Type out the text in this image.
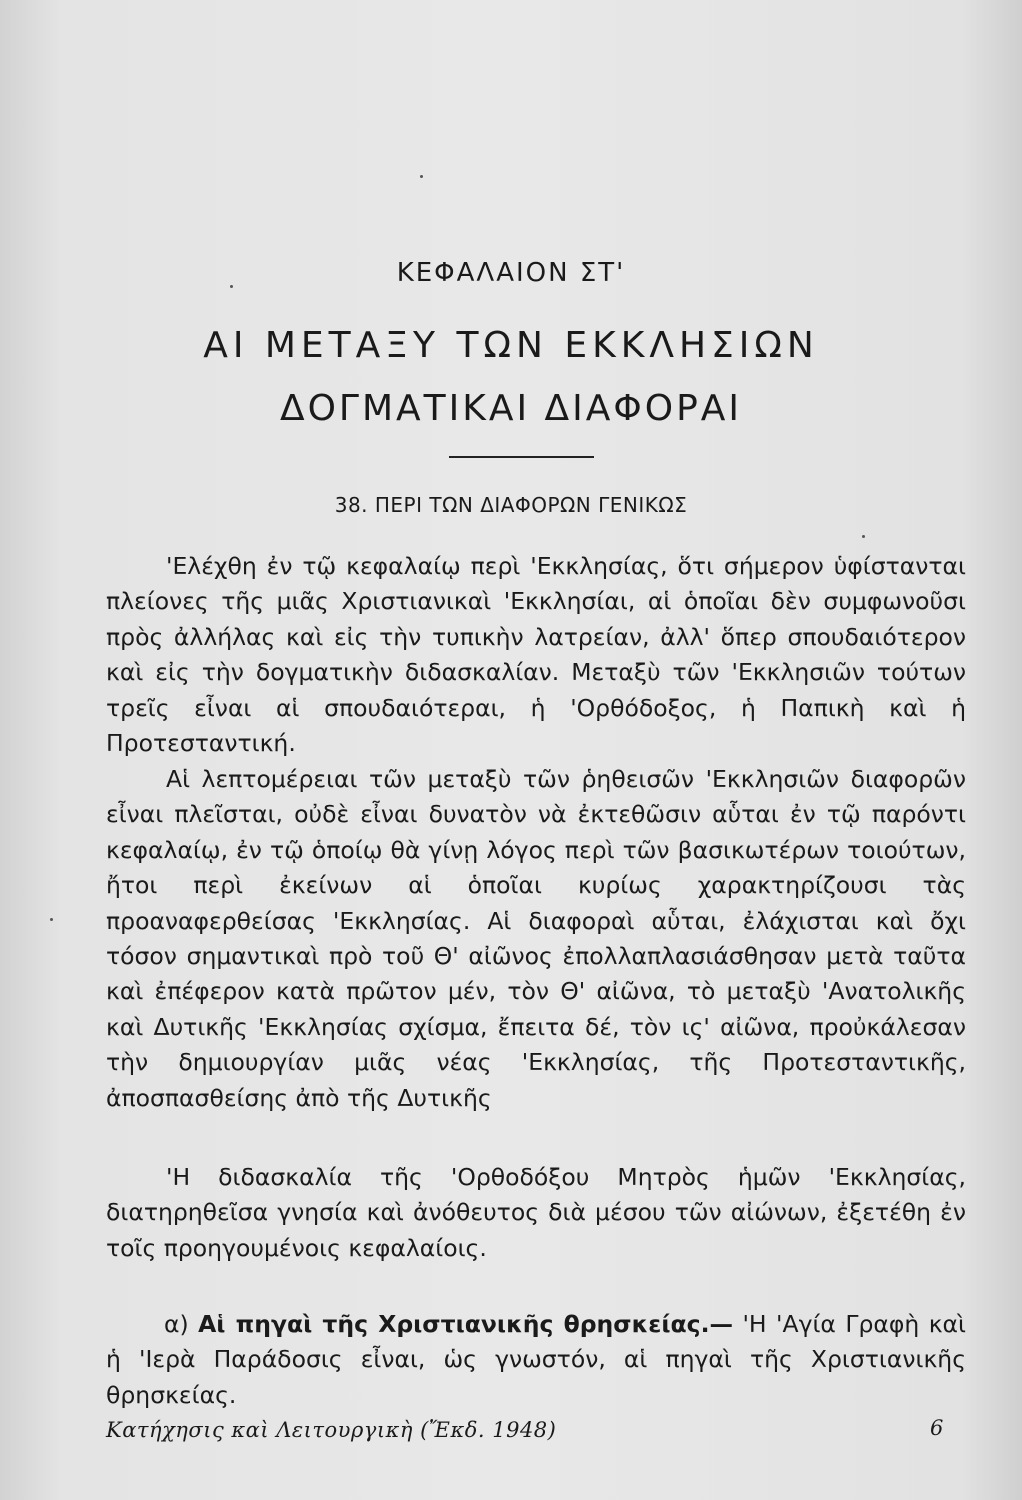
ΚΕΦΑΛΑΙΟΝ ΣΤ'
ΑΙ ΜΕΤΑΞΥ ΤΩΝ ΕΚΚΛΗΣΙΩΝ
ΔΟΓΜΑΤΙΚΑΙ ΔΙΑΦΟΡΑΙ
38. ΠΕΡΙ ΤΩΝ ΔΙΑΦΟΡΩΝ ΓΕΝΙΚΩΣ

'Ελέχθη ἐν τῷ κεφαλαίῳ περὶ 'Εκκλησίας, ὅτι σήμερον ὑφίστανται πλείονες τῆς μιᾶς Χριστιανικαὶ 'Εκκλησίαι, αἱ ὁποῖαι δὲν συμφωνοῦσι πρὸς ἀλλήλας καὶ εἰς τὴν τυπικὴν λατρείαν, ἀλλ' ὅπερ σπουδαιότερον καὶ εἰς τὴν δογματικὴν διδασκαλίαν. Μεταξὺ τῶν 'Εκκλησιῶν τούτων τρεῖς εἶναι αἱ σπουδαιότεραι, ἡ 'Ορθόδοξος, ἡ Παπικὴ καὶ ἡ Προτεσταντική.

Αἱ λεπτομέρειαι τῶν μεταξὺ τῶν ῥηθεισῶν 'Εκκλησιῶν διαφορῶν εἶναι πλεῖσται, οὐδὲ εἶναι δυνατὸν νὰ ἐκτεθῶσιν αὗται ἐν τῷ παρόντι κεφαλαίῳ, ἐν τῷ ὁποίῳ θὰ γίνῃ λόγος περὶ τῶν βασικωτέρων τοιούτων, ἤτοι περὶ ἐκείνων αἱ ὁποῖαι κυρίως χαρακτηρίζουσι τὰς προαναφερθείσας 'Εκκλησίας. Αἱ διαφοραὶ αὗται, ἐλάχισται καὶ ὄχι τόσον σημαντικαὶ πρὸ τοῦ Θ' αἰῶνος ἐπολλαπλασιάσθησαν μετὰ ταῦτα καὶ ἐπέφερον κατὰ πρῶτον μέν, τὸν Θ' αἰῶνα, τὸ μεταξὺ 'Ανατολικῆς καὶ Δυτικῆς 'Εκκλησίας σχίσμα, ἔπειτα δέ, τὸν ις' αἰῶνα, προὐκάλεσαν τὴν δημιουργίαν μιᾶς νέας 'Εκκλησίας, τῆς Προτεσταντικῆς, ἀποσπασθείσης ἀπὸ τῆς Δυτικῆς

'Η διδασκαλία τῆς 'Ορθοδόξου Μητρὸς ἡμῶν 'Εκκλησίας, διατηρηθεῖσα γνησία καὶ ἀνόθευτος διὰ μέσου τῶν αἰώνων, ἐξετέθη ἐν τοῖς προηγουμένοις κεφαλαίοις.

α) Αἱ πηγαὶ τῆς Χριστιανικῆς θρησκείας.— 'Η 'Αγία Γραφὴ καὶ ἡ 'Ιερὰ Παράδοσις εἶναι, ὡς γνωστόν, αἱ πηγαὶ τῆς Χριστιανικῆς θρησκείας.

Κατήχησις καὶ Λειτουργικὴ (Ἔκδ. 1948)	6
